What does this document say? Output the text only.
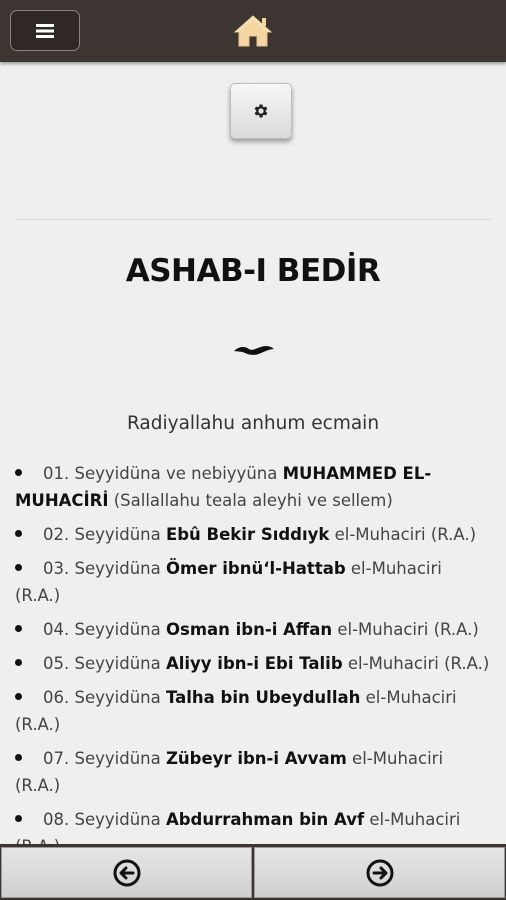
ASHAB-I BEDİR
Radiyallahu anhum ecmain
01. Seyyidüna ve nebiyyüna MUHAMMED EL-MUHACİRİ (Sallallahu teala aleyhi ve sellem)
02. Seyyidüna Ebû Bekir Sıddıyk el-Muhaciri (R.A.)
03. Seyyidüna Ömer ibnü‘l-Hattab el-Muhaciri (R.A.)
04. Seyyidüna Osman ibn-i Affan el-Muhaciri (R.A.)
05. Seyyidüna Aliyy ibn-i Ebi Talib el-Muhaciri (R.A.)
06. Seyyidüna Talha bin Ubeydullah el-Muhaciri (R.A.)
07. Seyyidüna Zübeyr ibn-i Avvam el-Muhaciri (R.A.)
08. Seyyidüna Abdurrahman bin Avf el-Muhaciri
